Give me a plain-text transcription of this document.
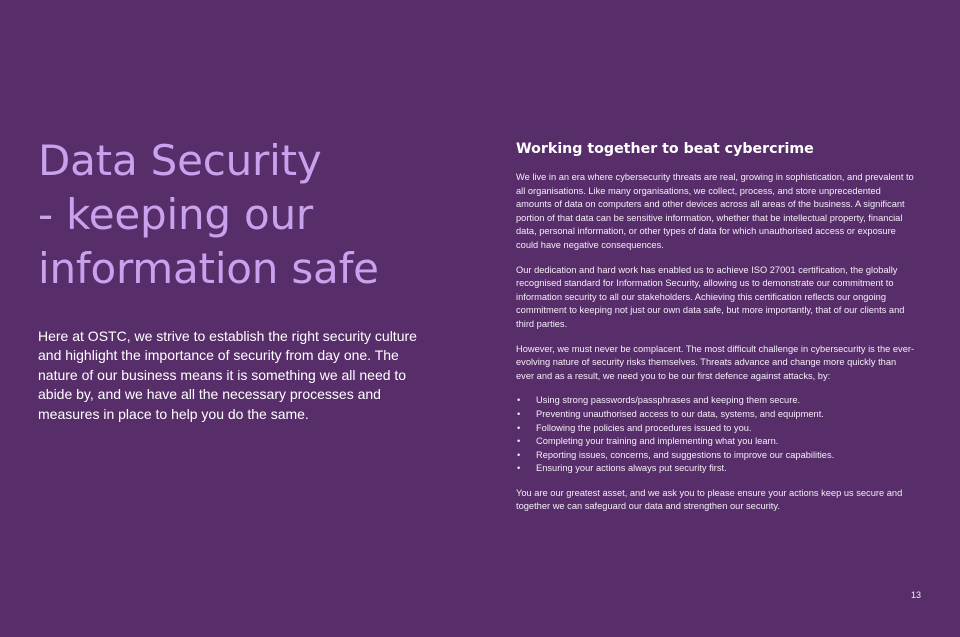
Data Security
- keeping our
information safe

Here at OSTC, we strive to establish the right security culture and highlight the importance of security from day one. The nature of our business means it is something we all need to abide by, and we have all the necessary processes and measures in place to help you do the same.

Working together to beat cybercrime

We live in an era where cybersecurity threats are real, growing in sophistication, and prevalent to all organisations. Like many organisations, we collect, process, and store unprecedented amounts of data on computers and other devices across all areas of the business. A significant portion of that data can be sensitive information, whether that be intellectual property, financial data, personal information, or other types of data for which unauthorised access or exposure could have negative consequences.

Our dedication and hard work has enabled us to achieve ISO 27001 certification, the globally recognised standard for Information Security, allowing us to demonstrate our commitment to information security to all our stakeholders. Achieving this certification reflects our ongoing commitment to keeping not just our own data safe, but more importantly, that of our clients and third parties.

However, we must never be complacent. The most difficult challenge in cybersecurity is the ever-evolving nature of security risks themselves. Threats advance and change more quickly than ever and as a result, we need you to be our first defence against attacks, by:

• Using strong passwords/passphrases and keeping them secure.
• Preventing unauthorised access to our data, systems, and equipment.
• Following the policies and procedures issued to you.
• Completing your training and implementing what you learn.
• Reporting issues, concerns, and suggestions to improve our capabilities.
• Ensuring your actions always put security first.

You are our greatest asset, and we ask you to please ensure your actions keep us secure and together we can safeguard our data and strengthen our security.

13
